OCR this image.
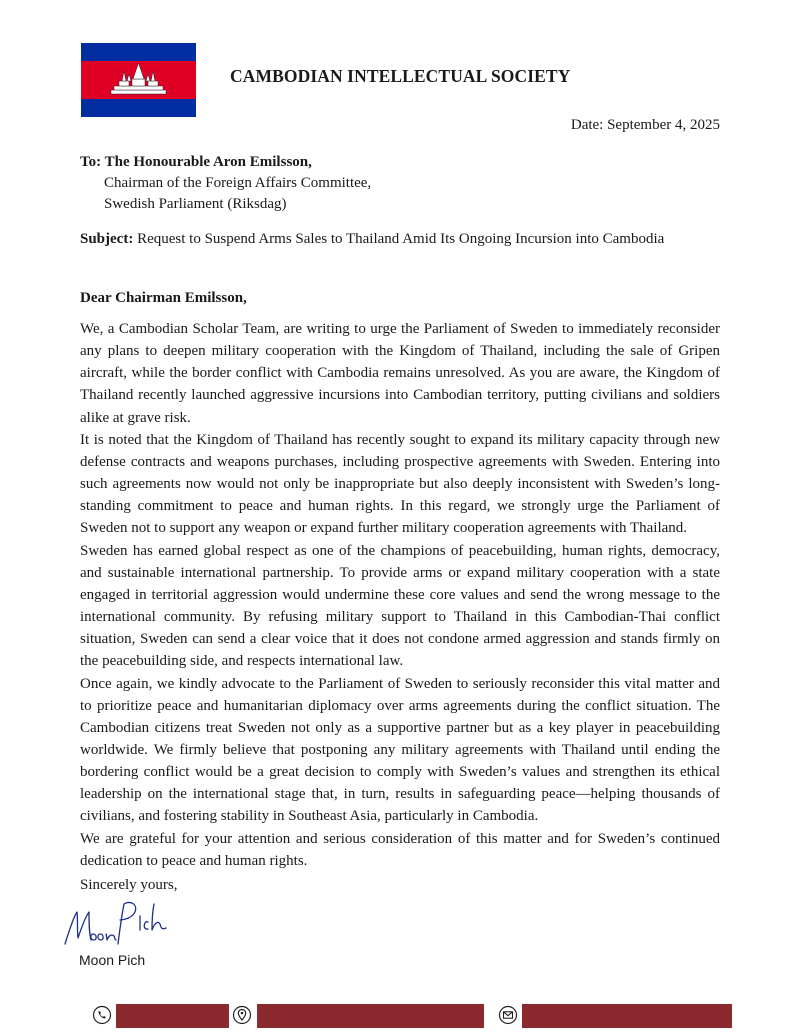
CAMBODIAN INTELLECTUAL SOCIETY
Date: September 4, 2025
To: The Honourable Aron Emilsson,
Chairman of the Foreign Affairs Committee,
Swedish Parliament (Riksdag)
Subject: Request to Suspend Arms Sales to Thailand Amid Its Ongoing Incursion into Cambodia
Dear Chairman Emilsson,

We, a Cambodian Scholar Team, are writing to urge the Parliament of Sweden to immediately reconsider any plans to deepen military cooperation with the Kingdom of Thailand, including the sale of Gripen aircraft, while the border conflict with Cambodia remains unresolved. As you are aware, the Kingdom of Thailand recently launched aggressive incursions into Cambodian territory, putting civilians and soldiers alike at grave risk.

It is noted that the Kingdom of Thailand has recently sought to expand its military capacity through new defense contracts and weapons purchases, including prospective agreements with Sweden. Entering into such agreements now would not only be inappropriate but also deeply inconsistent with Sweden’s long-standing commitment to peace and human rights. In this regard, we strongly urge the Parliament of Sweden not to support any weapon or expand further military cooperation agreements with Thailand.

Sweden has earned global respect as one of the champions of peacebuilding, human rights, democracy, and sustainable international partnership. To provide arms or expand military cooperation with a state engaged in territorial aggression would undermine these core values and send the wrong message to the international community. By refusing military support to Thailand in this Cambodian-Thai conflict situation, Sweden can send a clear voice that it does not condone armed aggression and stands firmly on the peacebuilding side, and respects international law.

Once again, we kindly advocate to the Parliament of Sweden to seriously reconsider this vital matter and to prioritize peace and humanitarian diplomacy over arms agreements during the conflict situation. The Cambodian citizens treat Sweden not only as a supportive partner but as a key player in peacebuilding worldwide. We firmly believe that postponing any military agreements with Thailand until ending the bordering conflict would be a great decision to comply with Sweden’s values and strengthen its ethical leadership on the international stage that, in turn, results in safeguarding peace—helping thousands of civilians, and fostering stability in Southeast Asia, particularly in Cambodia.

We are grateful for your attention and serious consideration of this matter and for Sweden’s continued dedication to peace and human rights.

Sincerely yours,
Moon Pich
